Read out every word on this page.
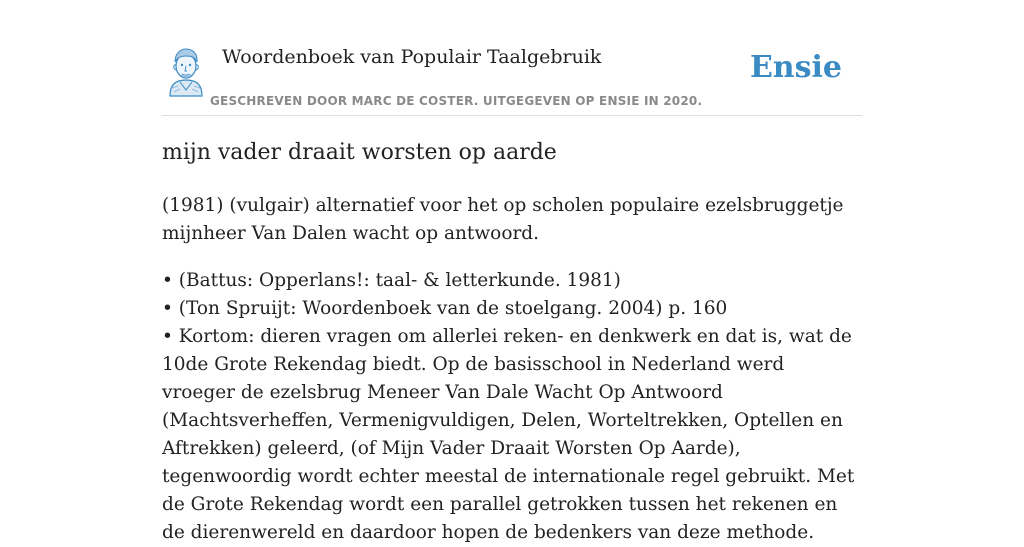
Woordenboek van Populair Taalgebruik
GESCHREVEN DOOR MARC DE COSTER. UITGEGEVEN OP ENSIE IN 2020.
Ensie
mijn vader draait worsten op aarde

(1981) (vulgair) alternatief voor het op scholen populaire ezelsbruggetje mijnheer Van Dalen wacht op antwoord.

• (Battus: Opperlans!: taal- & letterkunde. 1981)
• (Ton Spruijt: Woordenboek van de stoelgang. 2004) p. 160
• Kortom: dieren vragen om allerlei reken- en denkwerk en dat is, wat de 10de Grote Rekendag biedt. Op de basisschool in Nederland werd vroeger de ezelsbrug Meneer Van Dale Wacht Op Antwoord (Machtsverheffen, Vermenigvuldigen, Delen, Worteltrekken, Optellen en Aftrekken) geleerd, (of Mijn Vader Draait Worsten Op Aarde), tegenwoordig wordt echter meestal de internationale regel gebruikt. Met de Grote Rekendag wordt een parallel getrokken tussen het rekenen en de dierenwereld en daardoor hopen de bedenkers van deze methode.
